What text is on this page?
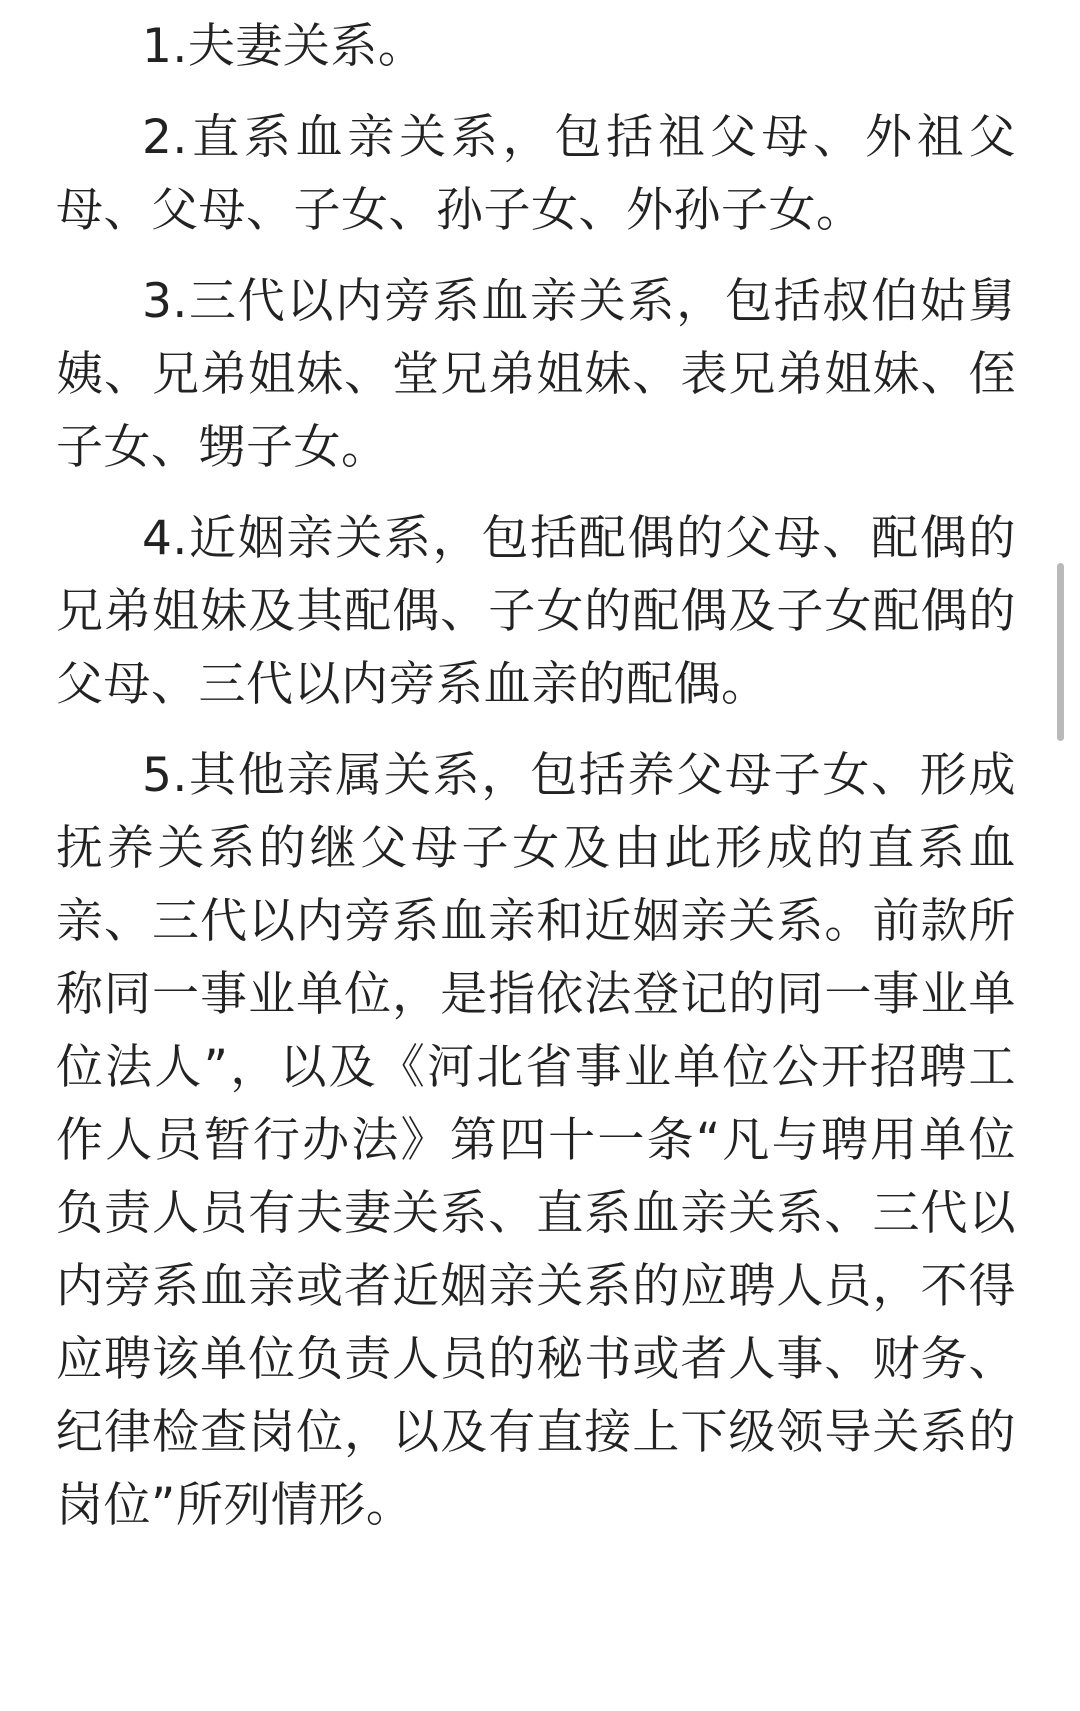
1.夫妻关系。

2.直系血亲关系，包括祖父母、外祖父母、父母、子女、孙子女、外孙子女。

3.三代以内旁系血亲关系，包括叔伯姑舅姨、兄弟姐妹、堂兄弟姐妹、表兄弟姐妹、侄子女、甥子女。

4.近姻亲关系，包括配偶的父母、配偶的兄弟姐妹及其配偶、子女的配偶及子女配偶的父母、三代以内旁系血亲的配偶。

5.其他亲属关系，包括养父母子女、形成抚养关系的继父母子女及由此形成的直系血亲、三代以内旁系血亲和近姻亲关系。前款所称同一事业单位，是指依法登记的同一事业单位法人”，以及《河北省事业单位公开招聘工作人员暂行办法》第四十一条“凡与聘用单位负责人员有夫妻关系、直系血亲关系、三代以内旁系血亲或者近姻亲关系的应聘人员，不得应聘该单位负责人员的秘书或者人事、财务、纪律检查岗位，以及有直接上下级领导关系的岗位”所列情形。
